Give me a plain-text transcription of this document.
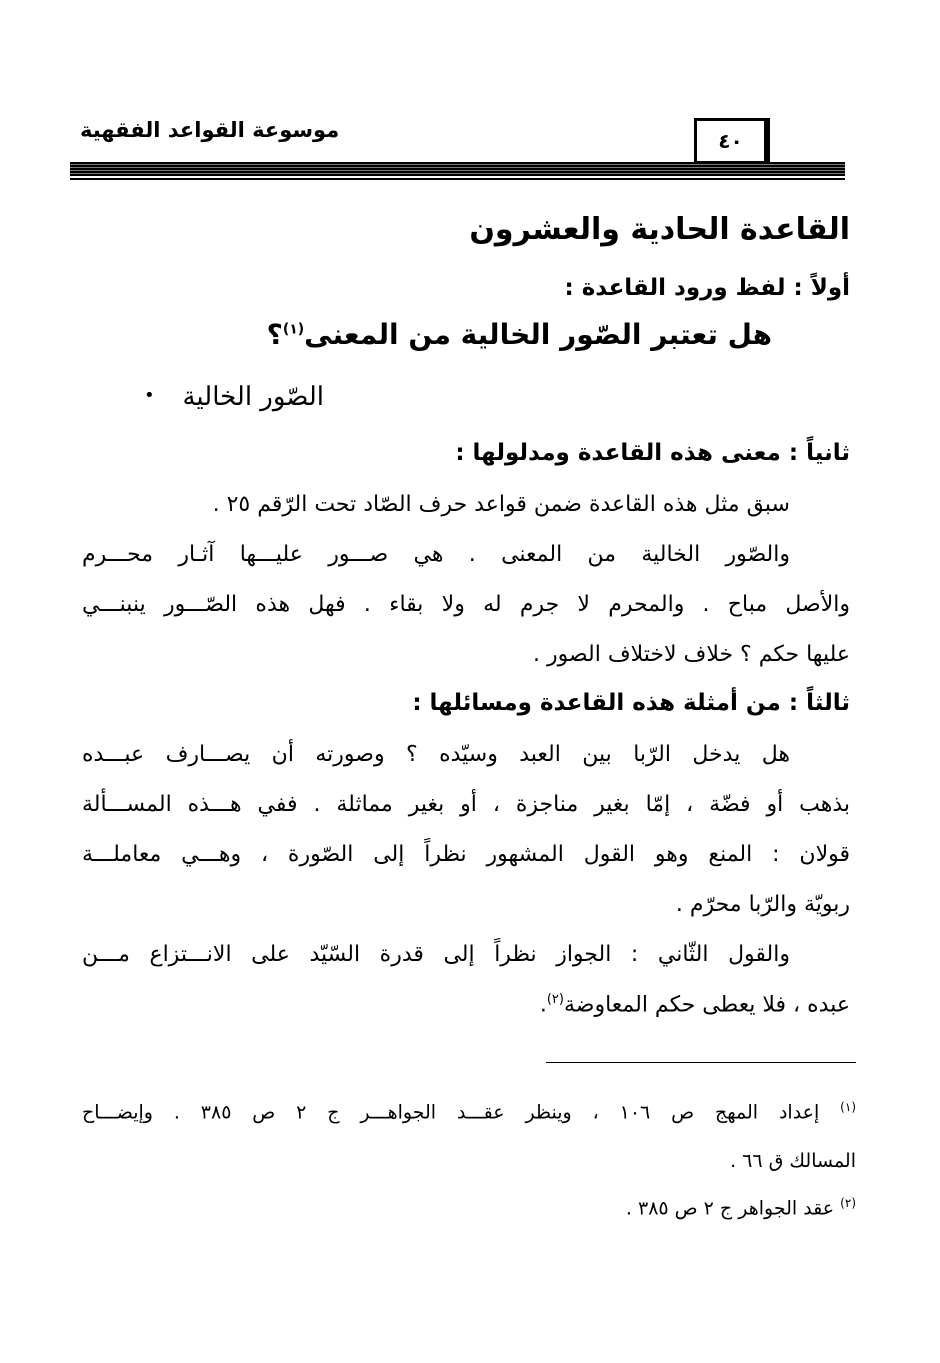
موسوعة القواعد الفقهية	٤٠
القاعدة الحادية والعشرون
أولاً : لفظ ورود القاعدة :
هل تعتبر الصّور الخالية من المعنى$^{(١)}$؟
الصّور الخالية
•
ثانياً : معنى هذه القاعدة ومدلولها :
سبق مثل هذه القاعدة ضمن قواعد حرف الصّاد تحت الرّقم ٢٥ .
والصّور الخالية من المعنى . هي صـــور عليـــها آثـار محـــرم
والأصل مباح . والمحرم لا جرم له ولا بقاء . فهل هذه الصّـــور ينبنـــي
عليها حكم ؟ خلاف لاختلاف الصور .
ثالثاً : من أمثلة هذه القاعدة ومسائلها :
هل يدخل الرّبا بين العبد وسيّده ؟ وصورته أن يصـــارف عبـــده
بذهب أو فضّة ، إمّا بغير مناجزة ، أو بغير مماثلة . ففي هـــذه المســـألة
قولان : المنع وهو القول المشهور نظراً إلى الصّورة ، وهـــي معاملـــة
ربويّة والرّبا محرّم .
والقول الثّاني : الجواز نظراً إلى قدرة السّيّد على الانـــتزاع مـــن
عبده ، فلا يعطى حكم المعاوضة$^{(٢)}$.
$^{(١)}$ إعداد المهج ص ١٠٦ ، وينظر عقـــد الجواهـــر ج ٢ ص ٣٨٥ . وإيضـــاح
المسالك ق ٦٦ .
$^{(٢)}$ عقد الجواهر ج ٢ ص ٣٨٥ .
